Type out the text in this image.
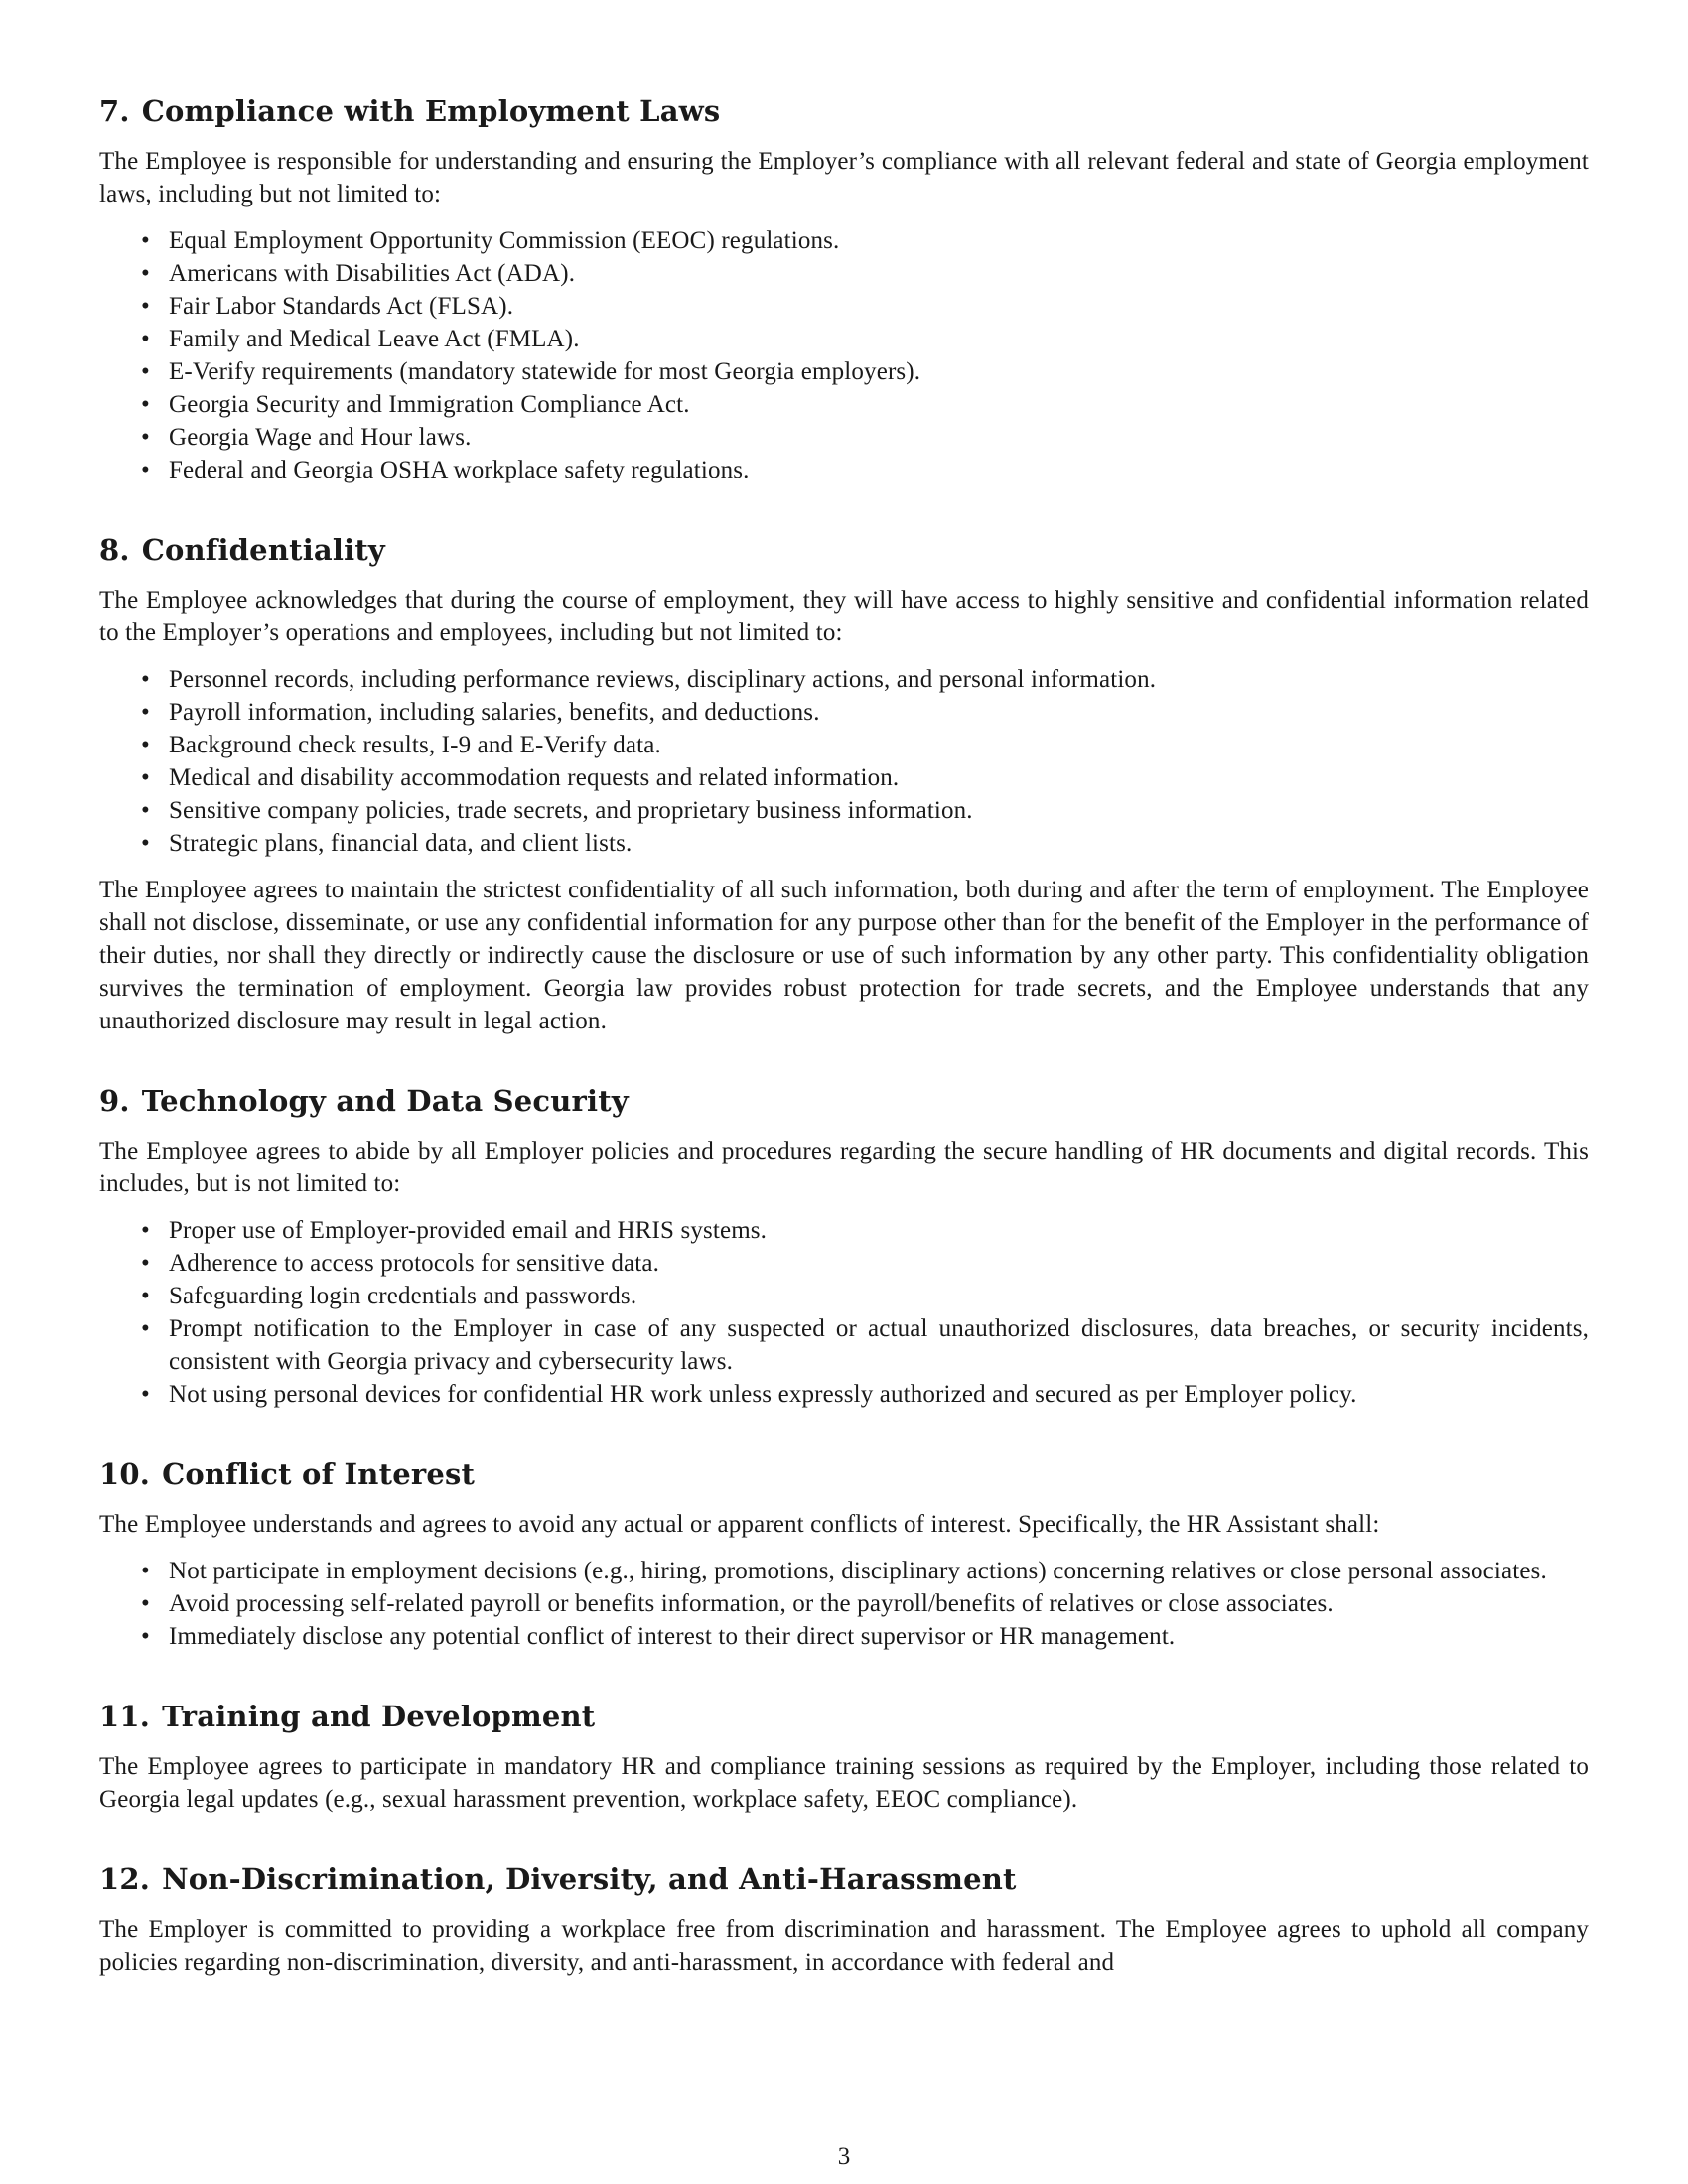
7. Compliance with Employment Laws

The Employee is responsible for understanding and ensuring the Employer’s compliance with all relevant federal and state of Georgia employment laws, including but not limited to:

• Equal Employment Opportunity Commission (EEOC) regulations.
• Americans with Disabilities Act (ADA).
• Fair Labor Standards Act (FLSA).
• Family and Medical Leave Act (FMLA).
• E-Verify requirements (mandatory statewide for most Georgia employers).
• Georgia Security and Immigration Compliance Act.
• Georgia Wage and Hour laws.
• Federal and Georgia OSHA workplace safety regulations.
8. Confidentiality

The Employee acknowledges that during the course of employment, they will have access to highly sensitive and confidential information related to the Employer’s operations and employees, including but not limited to:

• Personnel records, including performance reviews, disciplinary actions, and personal information.
• Payroll information, including salaries, benefits, and deductions.
• Background check results, I-9 and E-Verify data.
• Medical and disability accommodation requests and related information.
• Sensitive company policies, trade secrets, and proprietary business information.
• Strategic plans, financial data, and client lists.

The Employee agrees to maintain the strictest confidentiality of all such information, both during and after the term of employment. The Employee shall not disclose, disseminate, or use any confidential information for any purpose other than for the benefit of the Employer in the performance of their duties, nor shall they directly or indirectly cause the disclosure or use of such information by any other party. This confidentiality obligation survives the termination of employment. Georgia law provides robust protection for trade secrets, and the Employee understands that any unauthorized disclosure may result in legal action.

9. Technology and Data Security

The Employee agrees to abide by all Employer policies and procedures regarding the secure handling of HR documents and digital records. This includes, but is not limited to:

• Proper use of Employer-provided email and HRIS systems.
• Adherence to access protocols for sensitive data.
• Safeguarding login credentials and passwords.
• Prompt notification to the Employer in case of any suspected or actual unauthorized disclosures, data breaches, or security incidents, consistent with Georgia privacy and cybersecurity laws.
• Not using personal devices for confidential HR work unless expressly authorized and secured as per Employer policy.
10. Conflict of Interest

The Employee understands and agrees to avoid any actual or apparent conflicts of interest. Specifically, the HR Assistant shall:

• Not participate in employment decisions (e.g., hiring, promotions, disciplinary actions) concerning relatives or close personal associates.
• Avoid processing self-related payroll or benefits information, or the payroll/benefits of relatives or close associates.
• Immediately disclose any potential conflict of interest to their direct supervisor or HR management.
11. Training and Development

The Employee agrees to participate in mandatory HR and compliance training sessions as required by the Employer, including those related to Georgia legal updates (e.g., sexual harassment prevention, workplace safety, EEOC compliance).

12. Non-Discrimination, Diversity, and Anti-Harassment

The Employer is committed to providing a workplace free from discrimination and harassment. The Employee agrees to uphold all company policies regarding non-discrimination, diversity, and anti-harassment, in accordance with federal and

3
